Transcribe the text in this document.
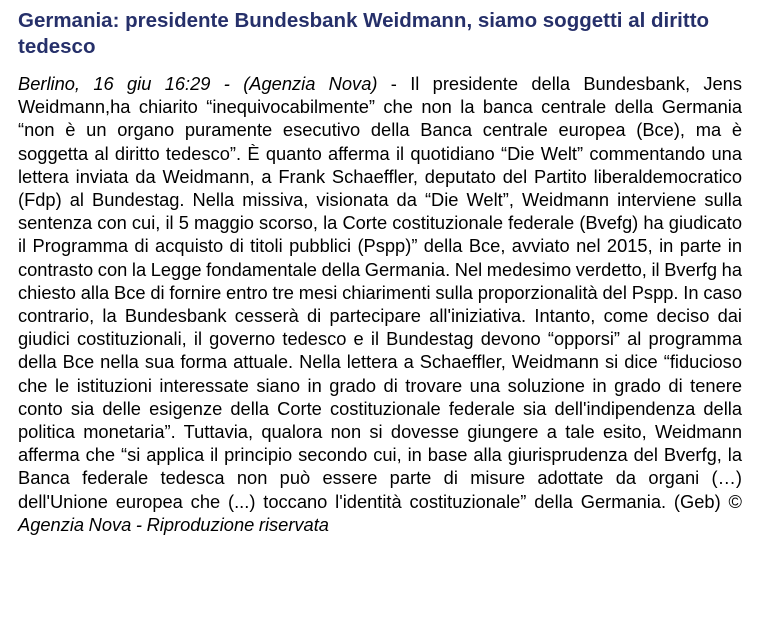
Germania: presidente Bundesbank Weidmann, siamo soggetti al diritto tedesco

Berlino, 16 giu 16:29 - (Agenzia Nova) - Il presidente della Bundesbank, Jens Weidmann,ha chiarito “inequivocabilmente” che non la banca centrale della Germania “non è un organo puramente esecutivo della Banca centrale europea (Bce), ma è soggetta al diritto tedesco”. È quanto afferma il quotidiano “Die Welt” commentando una lettera inviata da Weidmann, a Frank Schaeffler, deputato del Partito liberaldemocratico (Fdp) al Bundestag. Nella missiva, visionata da “Die Welt”, Weidmann interviene sulla sentenza con cui, il 5 maggio scorso, la Corte costituzionale federale (Bvefg) ha giudicato il Programma di acquisto di titoli pubblici (Pspp)” della Bce, avviato nel 2015, in parte in contrasto con la Legge fondamentale della Germania. Nel medesimo verdetto, il Bverfg ha chiesto alla Bce di fornire entro tre mesi chiarimenti sulla proporzionalità del Pspp. In caso contrario, la Bundesbank cesserà di partecipare all'iniziativa. Intanto, come deciso dai giudici costituzionali, il governo tedesco e il Bundestag devono “opporsi” al programma della Bce nella sua forma attuale. Nella lettera a Schaeffler, Weidmann si dice “fiducioso che le istituzioni interessate siano in grado di trovare una soluzione in grado di tenere conto sia delle esigenze della Corte costituzionale federale sia dell'indipendenza della politica monetaria”. Tuttavia, qualora non si dovesse giungere a tale esito, Weidmann afferma che “si applica il principio secondo cui, in base alla giurisprudenza del Bverfg, la Banca federale tedesca non può essere parte di misure adottate da organi (…) dell'Unione europea che (...) toccano l'identità costituzionale” della Germania. (Geb) © Agenzia Nova - Riproduzione riservata
